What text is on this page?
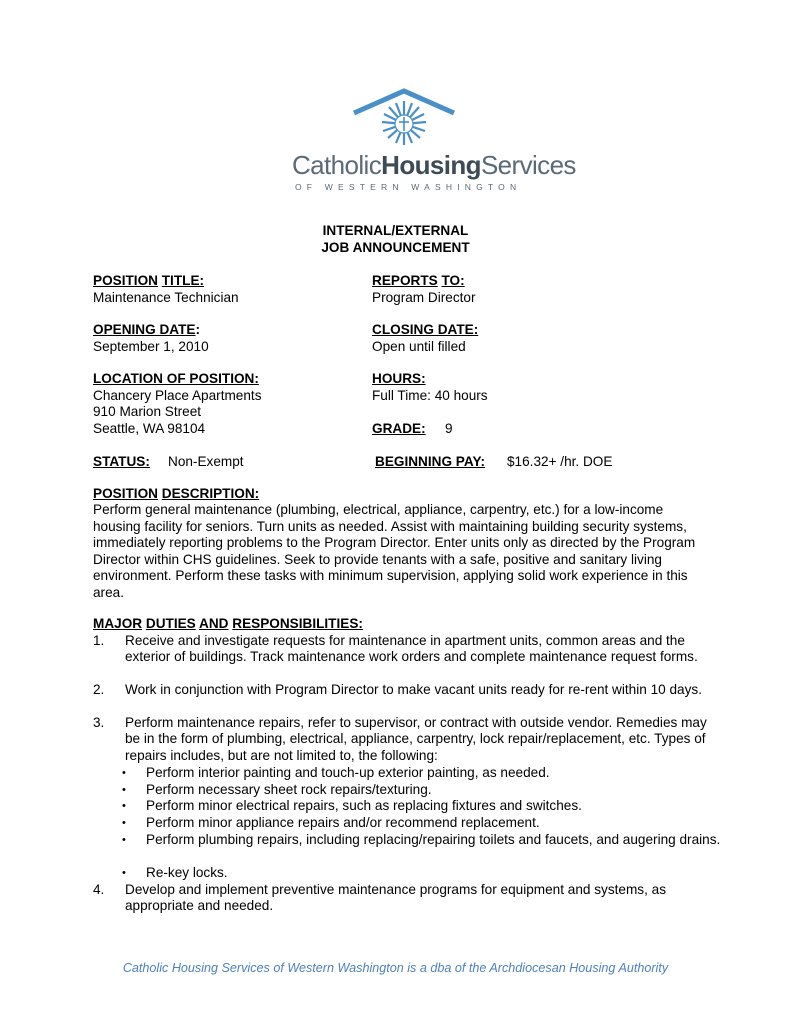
CatholicHousingServices
OF WESTERN WASHINGTON
INTERNAL/EXTERNAL
JOB ANNOUNCEMENT
POSITION TITLE:
Maintenance Technician
REPORTS TO:
Program Director
OPENING DATE:
September 1, 2010
CLOSING DATE:
Open until filled
LOCATION OF POSITION:
Chancery Place Apartments
910 Marion Street
Seattle, WA 98104
HOURS:
Full Time: 40 hours
GRADE: 9
STATUS: Non-Exempt	BEGINNING PAY: $16.32+ /hr. DOE
POSITION DESCRIPTION:
Perform general maintenance (plumbing, electrical, appliance, carpentry, etc.) for a low-income housing facility for seniors. Turn units as needed. Assist with maintaining building security systems, immediately reporting problems to the Program Director. Enter units only as directed by the Program Director within CHS guidelines. Seek to provide tenants with a safe, positive and sanitary living environment. Perform these tasks with minimum supervision, applying solid work experience in this area.
MAJOR DUTIES AND RESPONSIBILITIES:
1. Receive and investigate requests for maintenance in apartment units, common areas and the exterior of buildings. Track maintenance work orders and complete maintenance request forms.
2. Work in conjunction with Program Director to make vacant units ready for re-rent within 10 days.
3. Perform maintenance repairs, refer to supervisor, or contract with outside vendor. Remedies may be in the form of plumbing, electrical, appliance, carpentry, lock repair/replacement, etc. Types of repairs includes, but are not limited to, the following:
• Perform interior painting and touch-up exterior painting, as needed.
• Perform necessary sheet rock repairs/texturing.
• Perform minor electrical repairs, such as replacing fixtures and switches.
• Perform minor appliance repairs and/or recommend replacement.
• Perform plumbing repairs, including replacing/repairing toilets and faucets, and augering drains.
• Re-key locks.
4. Develop and implement preventive maintenance programs for equipment and systems, as appropriate and needed.
Catholic Housing Services of Western Washington is a dba of the Archdiocesan Housing Authority
